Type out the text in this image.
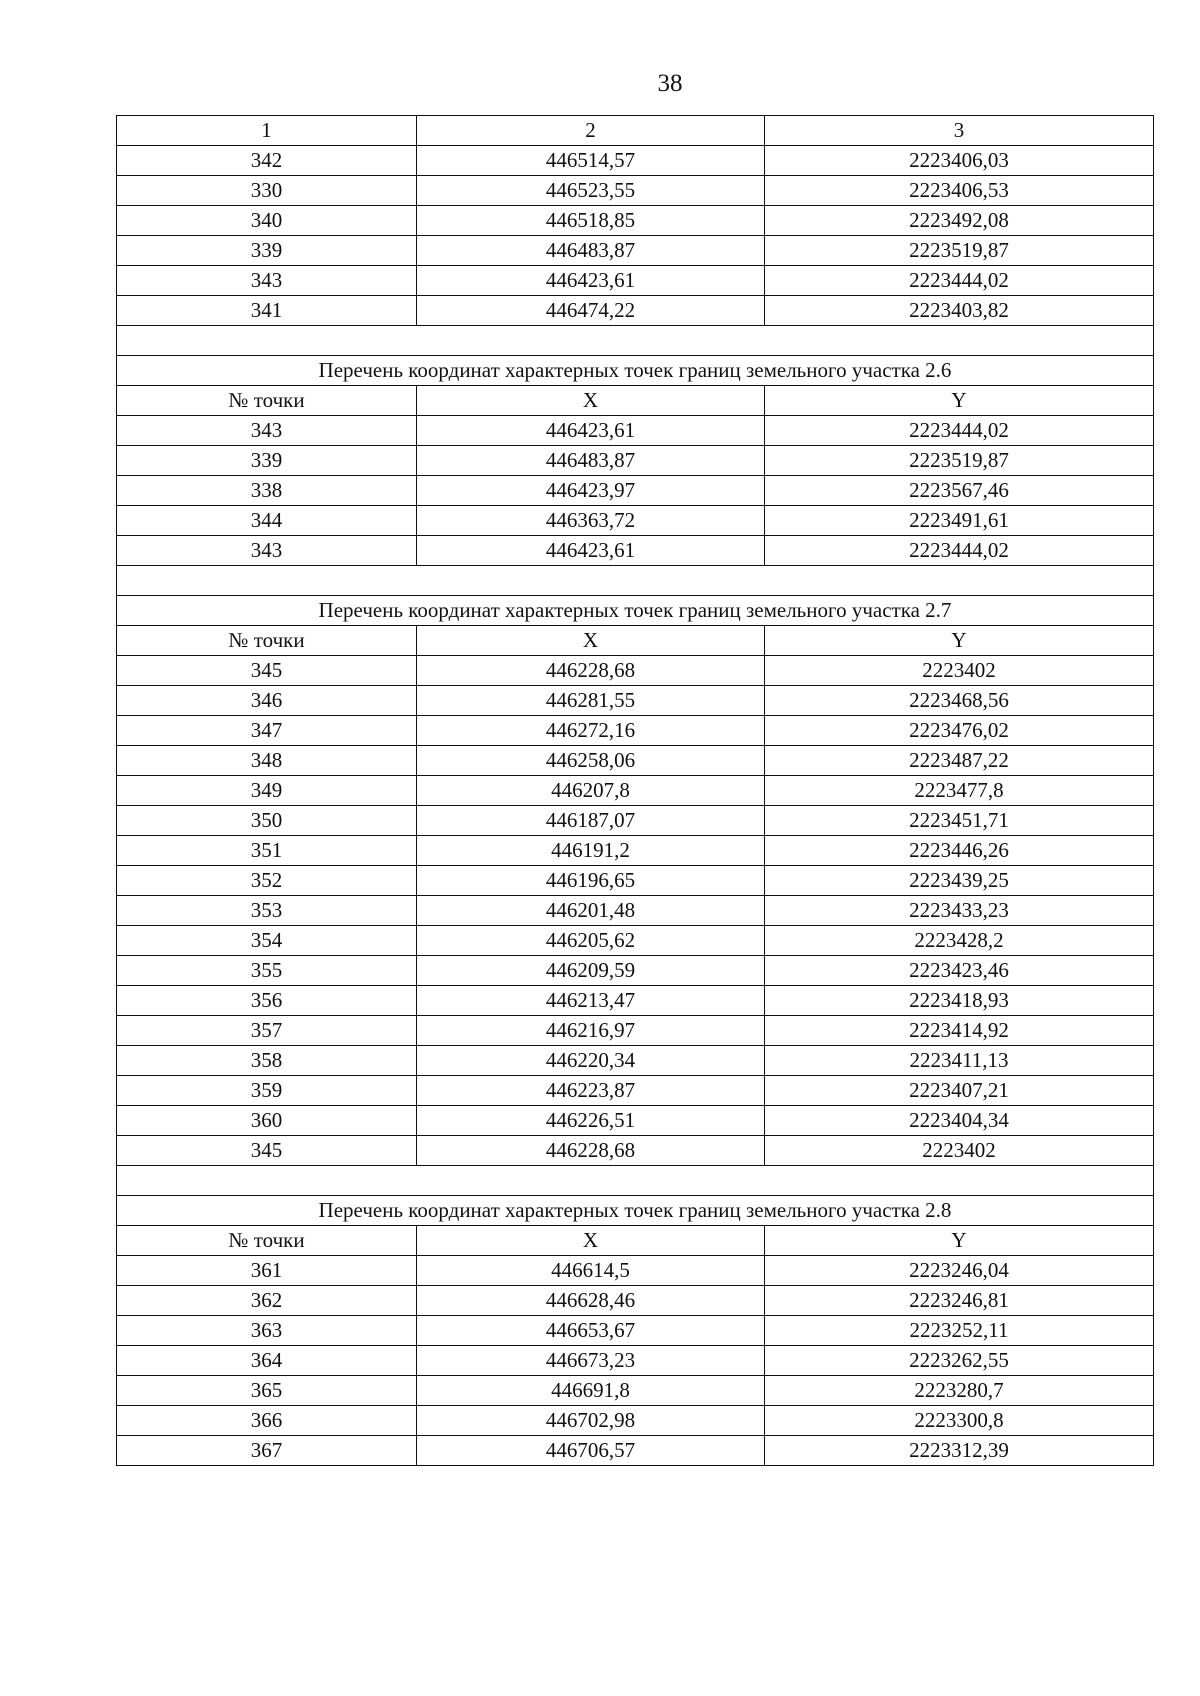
38
1	2	3
342	446514,57	2223406,03
330	446523,55	2223406,53
340	446518,85	2223492,08
339	446483,87	2223519,87
343	446423,61	2223444,02
341	446474,22	2223403,82

Перечень координат характерных точек границ земельного участка 2.6		
№ точки	X	Y
343	446423,61	2223444,02
339	446483,87	2223519,87
338	446423,97	2223567,46
344	446363,72	2223491,61
343	446423,61	2223444,02

Перечень координат характерных точек границ земельного участка 2.7		
№ точки	X	Y
345	446228,68	2223402
346	446281,55	2223468,56
347	446272,16	2223476,02
348	446258,06	2223487,22
349	446207,8	2223477,8
350	446187,07	2223451,71
351	446191,2	2223446,26
352	446196,65	2223439,25
353	446201,48	2223433,23
354	446205,62	2223428,2
355	446209,59	2223423,46
356	446213,47	2223418,93
357	446216,97	2223414,92
358	446220,34	2223411,13
359	446223,87	2223407,21
360	446226,51	2223404,34
345	446228,68	2223402

Перечень координат характерных точек границ земельного участка 2.8		
№ точки	X	Y
361	446614,5	2223246,04
362	446628,46	2223246,81
363	446653,67	2223252,11
364	446673,23	2223262,55
365	446691,8	2223280,7
366	446702,98	2223300,8
367	446706,57	2223312,39
